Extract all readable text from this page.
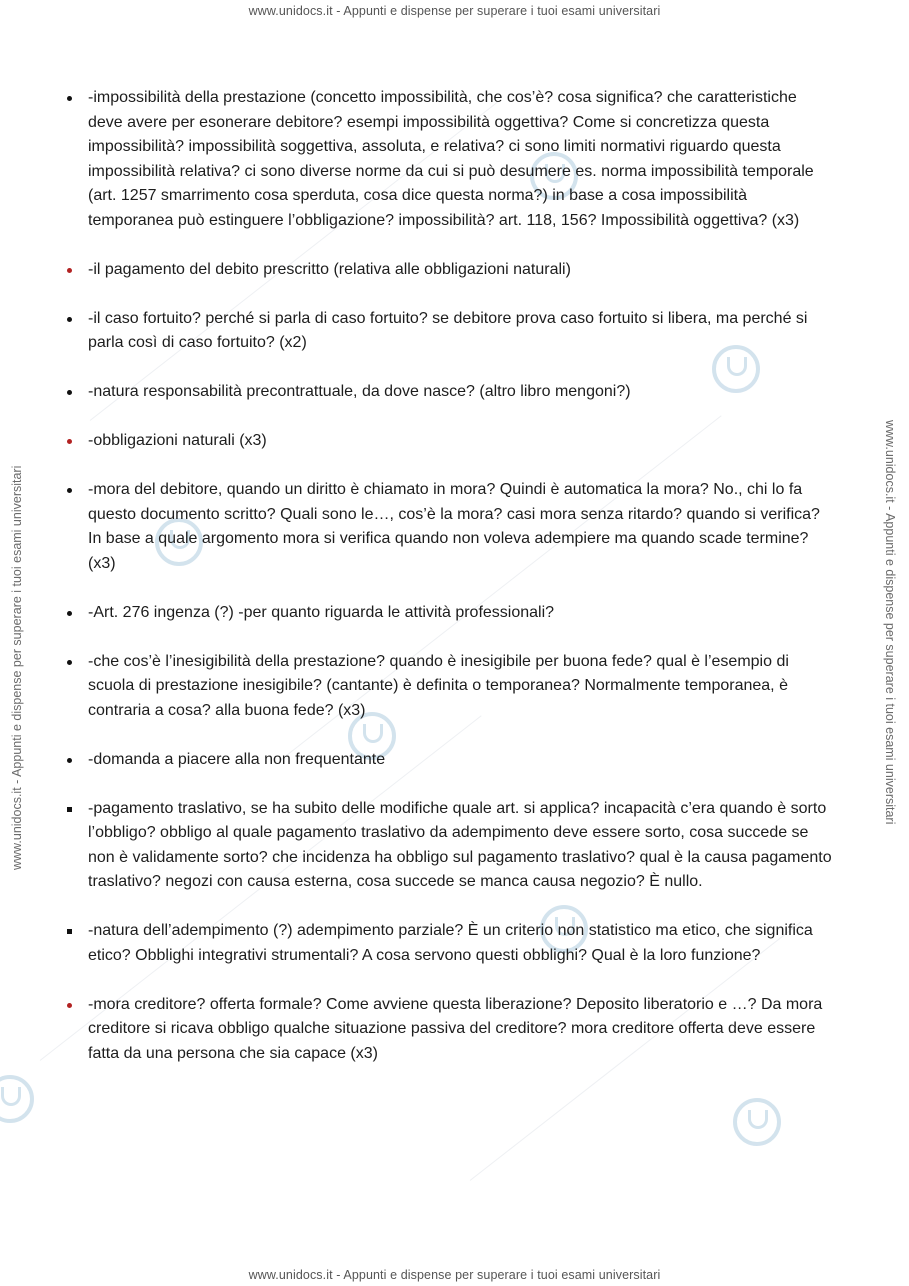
www.unidocs.it - Appunti e dispense per superare i tuoi esami universitari
www.unidocs.it - Appunti e dispense per superare i tuoi esami universitari
www.unidocs.it - Appunti e dispense per superare i tuoi esami universitari	www.unidocs.it - Appunti e dispense per superare i tuoi esami universitari
-impossibilità della prestazione (concetto impossibilità, che cos’è? cosa significa? che caratteristiche deve avere per esonerare debitore? esempi impossibilità oggettiva? Come si concretizza questa impossibilità? impossibilità soggettiva, assoluta, e relativa? ci sono limiti normativi riguardo questa impossibilità relativa? ci sono diverse norme da cui si può desumere es. norma impossibilità temporale (art. 1257 smarrimento cosa sperduta, cosa dice questa norma?) in base a cosa impossibilità temporanea può estinguere l’obbligazione? impossibilità? art. 118, 156? Impossibilità oggettiva? (x3)
-il pagamento del debito prescritto (relativa alle obbligazioni naturali)
-il caso fortuito? perché si parla di caso fortuito? se debitore prova caso fortuito si libera, ma perché si parla così di caso fortuito? (x2)
-natura responsabilità precontrattuale, da dove nasce? (altro libro mengoni?)
-obbligazioni naturali (x3)
-mora del debitore, quando un diritto è chiamato in mora? Quindi è automatica la mora? No., chi lo fa questo documento scritto? Quali sono le…, cos’è la mora? casi mora senza ritardo? quando si verifica? In base a quale argomento mora si verifica quando non voleva adempiere ma quando scade termine? (x3)
-Art. 276 ingenza (?) -per quanto riguarda le attività professionali?
-che cos’è l’inesigibilità della prestazione? quando è inesigibile per buona fede? qual è l’esempio di scuola di prestazione inesigibile? (cantante) è definita o temporanea? Normalmente temporanea, è contraria a cosa? alla buona fede? (x3)
-domanda a piacere alla non frequentante
-pagamento traslativo, se ha subito delle modifiche quale art. si applica? incapacità c’era quando è sorto l’obbligo? obbligo al quale pagamento traslativo da adempimento deve essere sorto, cosa succede se non è validamente sorto? che incidenza ha obbligo sul pagamento traslativo? qual è la causa pagamento traslativo? negozi con causa esterna, cosa succede se manca causa negozio? È nullo.
-natura dell’adempimento (?) adempimento parziale? È un criterio non statistico ma etico, che significa etico? Obblighi integrativi strumentali? A cosa servono questi obblighi? Qual è la loro funzione?
-mora creditore? offerta formale? Come avviene questa liberazione? Deposito liberatorio e …? Da mora creditore si ricava obbligo qualche situazione passiva del creditore? mora creditore offerta deve essere fatta da una persona che sia capace (x3)
